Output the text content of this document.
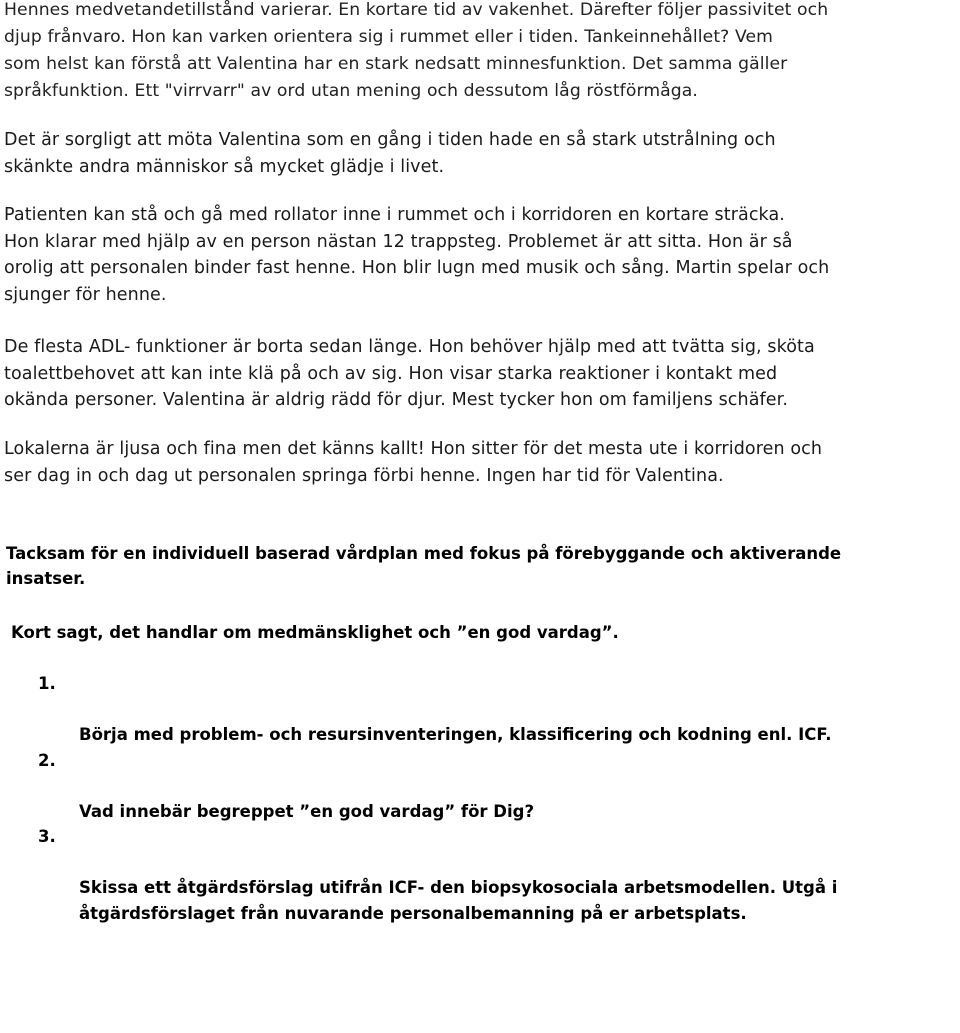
Hennes medvetandetillstånd varierar. En kortare tid av vakenhet. Därefter följer passivitet och
djup frånvaro. Hon kan varken orientera sig i rummet eller i tiden. Tankeinnehållet? Vem
som helst kan förstå att Valentina har en stark nedsatt minnesfunktion. Det samma gäller
språkfunktion. Ett "virrvarr" av ord utan mening och dessutom låg röstförmåga.

Det är sorgligt att möta Valentina som en gång i tiden hade en så stark utstrålning och
skänkte andra människor så mycket glädje i livet.

Patienten kan stå och gå med rollator inne i rummet och i korridoren en kortare sträcka.
Hon klarar med hjälp av en person nästan 12 trappsteg. Problemet är att sitta. Hon är så
orolig att personalen binder fast henne. Hon blir lugn med musik och sång. Martin spelar och
sjunger för henne.

De flesta ADL- funktioner är borta sedan länge. Hon behöver hjälp med att tvätta sig, sköta
toalettbehovet att kan inte klä på och av sig. Hon visar starka reaktioner i kontakt med
okända personer. Valentina är aldrig rädd för djur. Mest tycker hon om familjens schäfer.

Lokalerna är ljusa och fina men det känns kallt! Hon sitter för det mesta ute i korridoren och
ser dag in och dag ut personalen springa förbi henne. Ingen har tid för Valentina.

Tacksam för en individuell baserad vårdplan med fokus på förebyggande och aktiverande
insatser.

Kort sagt, det handlar om medmänsklighet och ”en god vardag”.

1.

Börja med problem- och resursinventeringen, klassificering och kodning enl. ICF.

2.

Vad innebär begreppet ”en god vardag” för Dig?

3.

Skissa ett åtgärdsförslag utifrån ICF- den biopsykosociala arbetsmodellen. Utgå i
åtgärdsförslaget från nuvarande personalbemanning på er arbetsplats.
